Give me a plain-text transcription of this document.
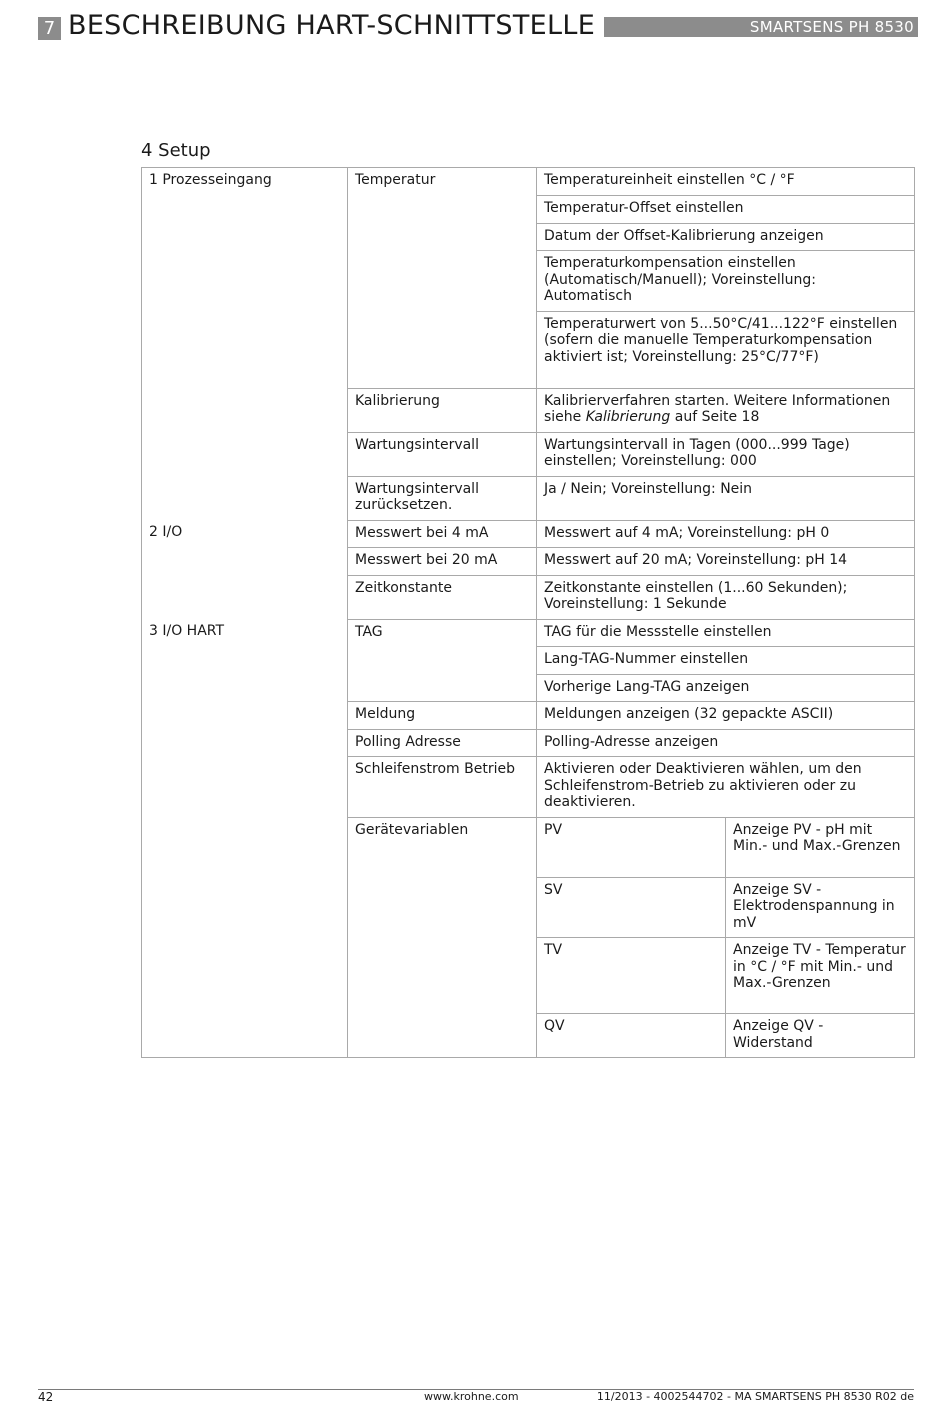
7 BESCHREIBUNG HART-SCHNITTSTELLE	SMARTSENS PH 8530
4 Setup
1 Prozesseingang	Temperatur	Temperatureinheit einstellen °C / °F	
		Temperatur-Offset einstellen	
		Datum der Offset-Kalibrierung anzeigen	
		Temperaturkompensation einstellen (Automatisch/Manuell); Voreinstellung: Automatisch	
		Temperaturwert von 5...50°C/41...122°F einstellen (sofern die manuelle Temperaturkompensation aktiviert ist; Voreinstellung: 25°C/77°F)	
	Kalibrierung	Kalibrierverfahren starten. Weitere Informationen siehe Kalibrierung auf Seite 18	
	Wartungsintervall	Wartungsintervall in Tagen (000...999 Tage) einstellen; Voreinstellung: 000	
	Wartungsintervall zurücksetzen.	Ja / Nein; Voreinstellung: Nein	
2 I/O	Messwert bei 4 mA	Messwert auf 4 mA; Voreinstellung: pH 0	
	Messwert bei 20 mA	Messwert auf 20 mA; Voreinstellung: pH 14	
	Zeitkonstante	Zeitkonstante einstellen (1...60 Sekunden); Voreinstellung: 1 Sekunde	
3 I/O HART	TAG	TAG für die Messstelle einstellen	
		Lang-TAG-Nummer einstellen	
		Vorherige Lang-TAG anzeigen	
	Meldung	Meldungen anzeigen (32 gepackte ASCII)	
	Polling Adresse	Polling-Adresse anzeigen	
	Schleifenstrom Betrieb	Aktivieren oder Deaktivieren wählen, um den Schleifenstrom-Betrieb zu aktivieren oder zu deaktivieren.	
	Gerätevariablen	PV	Anzeige PV - pH mit Min.- und Max.-Grenzen
		SV	Anzeige SV - Elektrodenspannung in mV
		TV	Anzeige TV - Temperatur in °C / °F mit Min.- und Max.-Grenzen
		QV	Anzeige QV - Widerstand
42	www.krohne.com	11/2013 - 4002544702 - MA SMARTSENS PH 8530 R02 de
